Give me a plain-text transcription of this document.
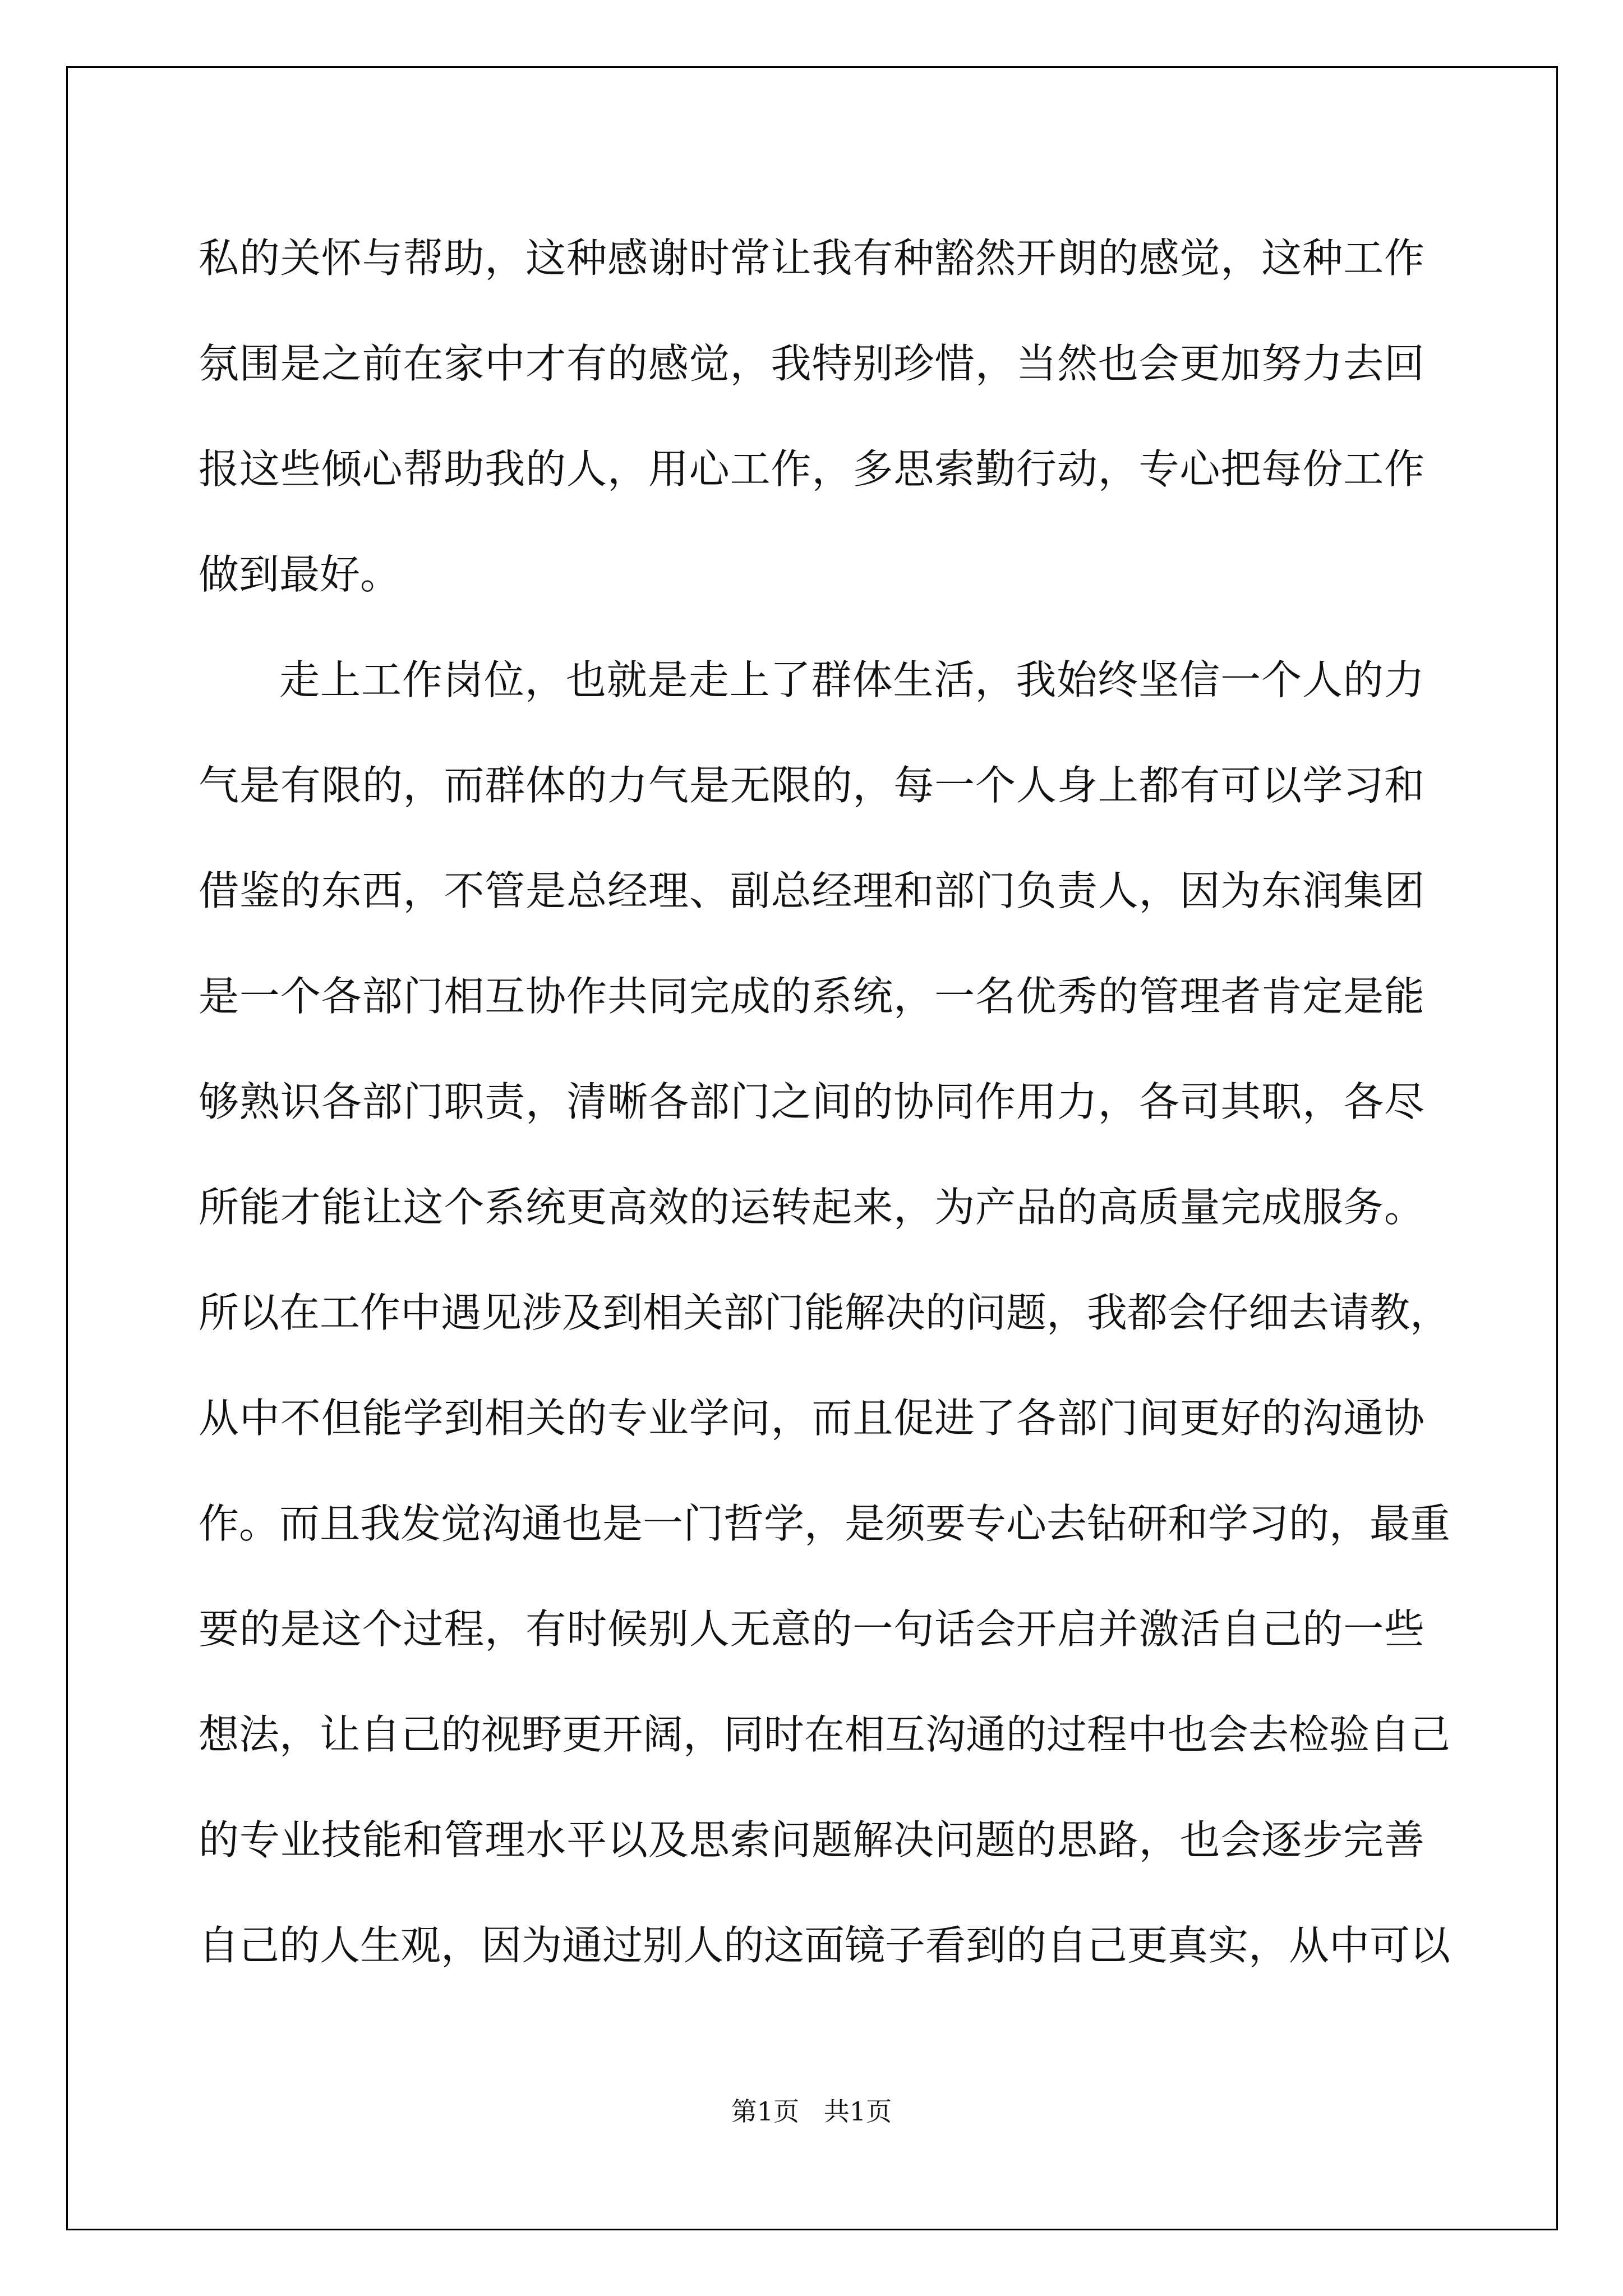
私的关怀与帮助，这种感谢时常让我有种豁然开朗的感觉，这种工作
氛围是之前在家中才有的感觉，我特别珍惜，当然也会更加努力去回
报这些倾心帮助我的人，用心工作，多思索勤行动，专心把每份工作
做到最好。
走上工作岗位，也就是走上了群体生活，我始终坚信一个人的力
气是有限的，而群体的力气是无限的，每一个人身上都有可以学习和
借鉴的东西，不管是总经理、副总经理和部门负责人，因为东润集团
是一个各部门相互协作共同完成的系统，一名优秀的管理者肯定是能
够熟识各部门职责，清晰各部门之间的协同作用力，各司其职，各尽
所能才能让这个系统更高效的运转起来，为产品的高质量完成服务。
所以在工作中遇见涉及到相关部门能解决的问题，我都会仔细去请教，
从中不但能学到相关的专业学问，而且促进了各部门间更好的沟通协
作。而且我发觉沟通也是一门哲学，是须要专心去钻研和学习的，最重
要的是这个过程，有时候别人无意的一句话会开启并激活自己的一些
想法，让自己的视野更开阔，同时在相互沟通的过程中也会去检验自己
的专业技能和管理水平以及思索问题解决问题的思路，也会逐步完善
自己的人生观，因为通过别人的这面镜子看到的自己更真实，从中可以
第1页   共1页
